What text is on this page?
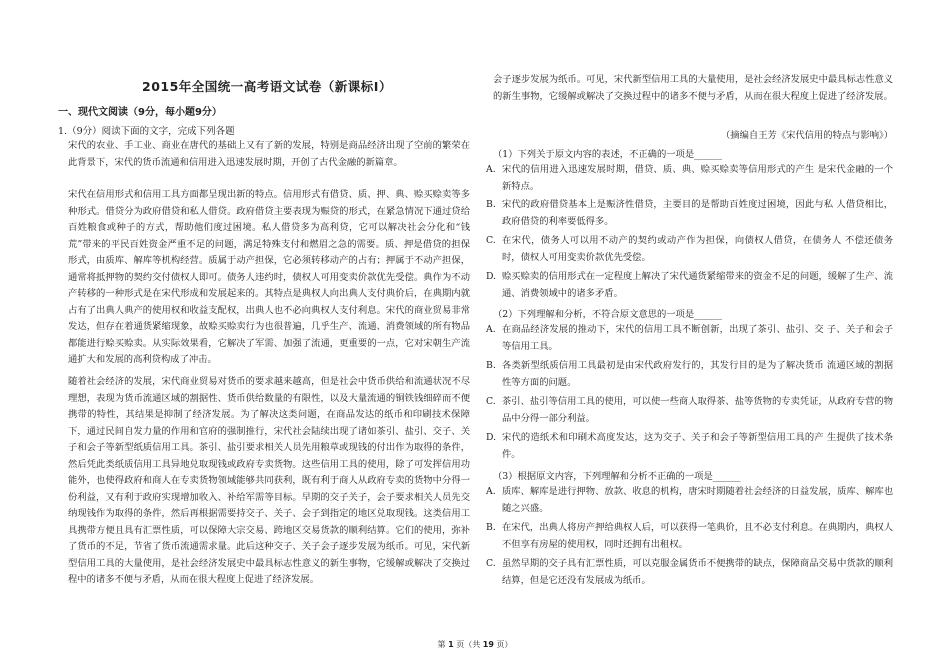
2015年全国统一高考语文试卷（新课标Ⅰ）
一、现代文阅读（9分，每小题9分）
1.（9分）阅读下面的文字，完成下列各题
宋代的农业、手工业、商业在唐代的基础上又有了新的发展，特别是商品经济出现了空前的繁荣在此背景下，宋代的货币流通和信用进入迅速发展时期，开创了古代金融的新篇章。
宋代在信用形式和信用工具方面都呈现出新的特点。信用形式有借贷、质、押、典、赊买赊卖等多种形式。借贷分为政府借贷和私人借贷。政府借贷主要表现为赈贷的形式，在紧急情况下通过贷给百姓粮食或种子的方式，帮助他们度过困境。私人借贷多为高利贷，它可以解决社会分化和“钱荒”带来的平民百姓资金严重不足的问题，满足特殊支付和燃眉之急的需要。质、押是借贷的担保形式，由质库、解库等机构经营。质属于动产担保，它必须转移动产的占有；押属于不动产担保，通常将抵押物的契约交付债权人即可。债务人违约时，债权人可用变卖价款优先受偿。典作为不动产转移的一种形式是在宋代形成和发展起来的。其特点是典权人向出典人支付典价后，在典期内就占有了出典人典产的使用权和收益支配权，出典人也不必向典权人支付利息。宋代的商业贸易非常发达，但存在着通货紧缩现象，故赊买赊卖行为也很普遍，几乎生产、流通、消费领域的所有物品都能进行赊买赊卖。从实际效果看，它解决了军需、加强了流通，更重要的一点，它对宋朝生产流通扩大和发展的高利贷构成了冲击。
随着社会经济的发展，宋代商业贸易对货币的要求越来越高，但是社会中货币供给和流通状况不尽理想，表现为货币流通区域的割据性、货币供给数量的有限性，以及大量流通的铜铁钱细碎而不便携带的特性，其结果是抑制了经济发展。为了解决这类问题，在商品发达的纸币和印刷技术保障下，通过民间自发力量的作用和官府的强制推行，宋代社会陆续出现了诸如茶引、盐引、交子、关子和会子等新型纸质信用工具。茶引、盐引要求相关人员先用粮草或现钱的付出作为取得的条件，然后凭此类纸质信用工具异地兑取现钱或政府专卖货物。这些信用工具的使用，除了可发挥信用功能外，也使得政府和商人在专卖货物领域能够共同获利，既有利于商人从政府专卖的货物中分得一份利益，又有利于政府实现增加收入、补给军需等目标。早期的交子关子，会子要求相关人员先交纳现钱作为取得的条件，然后再根据需要持交子、关子、会子到指定的地区兑取现钱。这类信用工具携带方便且具有汇票性质，可以保障大宗交易、跨地区交易货款的顺利结算。它们的使用，弥补了货币的不足，节省了货币流通需求量。此后这种交子、关子会子逐步发展为纸币。可见，宋代新型信用工具的大量使用，是社会经济发展史中最具标志性意义的新生事物，它缓解或解决了交换过程中的诸多不便与矛盾，从而在很大程度上促进了经济发展。
会子逐步发展为纸币。可见，宋代新型信用工具的大量使用，是社会经济发展史中最具标志性意义的新生事物，它缓解或解决了交换过程中的诸多不便与矛盾，从而在很大程度上促进了经济发展。
（摘编自王芳《宋代信用的特点与影响》）
（1）下列关于原文内容的表述，不正确的一项是______
A. 宋代的信用进入迅速发展时期，借贷、质、典、赊买赊卖等信用形式的产生 是宋代金融的一个新特点。
B. 宋代的政府借贷基本上是赈济性借贷，主要目的是帮助百姓度过困境，因此与私 人借贷相比，政府借贷的利率要低得多。
C. 在宋代，债务人可以用不动产的契约或动产作为担保，向债权人借贷，在债务人 不偿还债务时，债权人可用变卖价款优先受偿。
D. 赊买赊卖的信用形式在一定程度上解决了宋代通货紧缩带来的资金不足的问题，缓解了生产、流通、消费领域中的诸多矛盾。
（2）下列理解和分析，不符合原文意思的一项是______
A. 在商品经济发展的推动下，宋代的信用工具不断创新，出现了茶引、盐引、交 子、关子和会子等信用工具。
B. 各类新型纸质信用工具最初是由宋代政府发行的，其发行目的是为了解决货币 流通区域的割据性等方面的问题。
C. 茶引、盐引等信用工具的使用，可以使一些商人取得茶、盐等货物的专卖凭证，从政府专营的物品中分得一部分利益。
D. 宋代的造纸术和印刷术高度发达，这为交子、关子和会子等新型信用工具的产 生提供了技术条件。
（3）根据原文内容，下列理解和分析不正确的一项是______
A. 质库、解库是进行押物、放款、收息的机构，唐宋时期随着社会经济的日益发展，质库、解库也随之兴盛。
B. 在宋代，出典人将房产押给典权人后，可以获得一笔典价，且不必支付利息。在典期内，典权人不但享有房屋的使用权，同时还拥有出租权。
C. 虽然早期的交子具有汇票性质，可以克服金属货币不便携带的缺点，保障商品交易中货款的顺利结算，但是它还没有发展成为纸币。
第 1 页（共 19 页）
